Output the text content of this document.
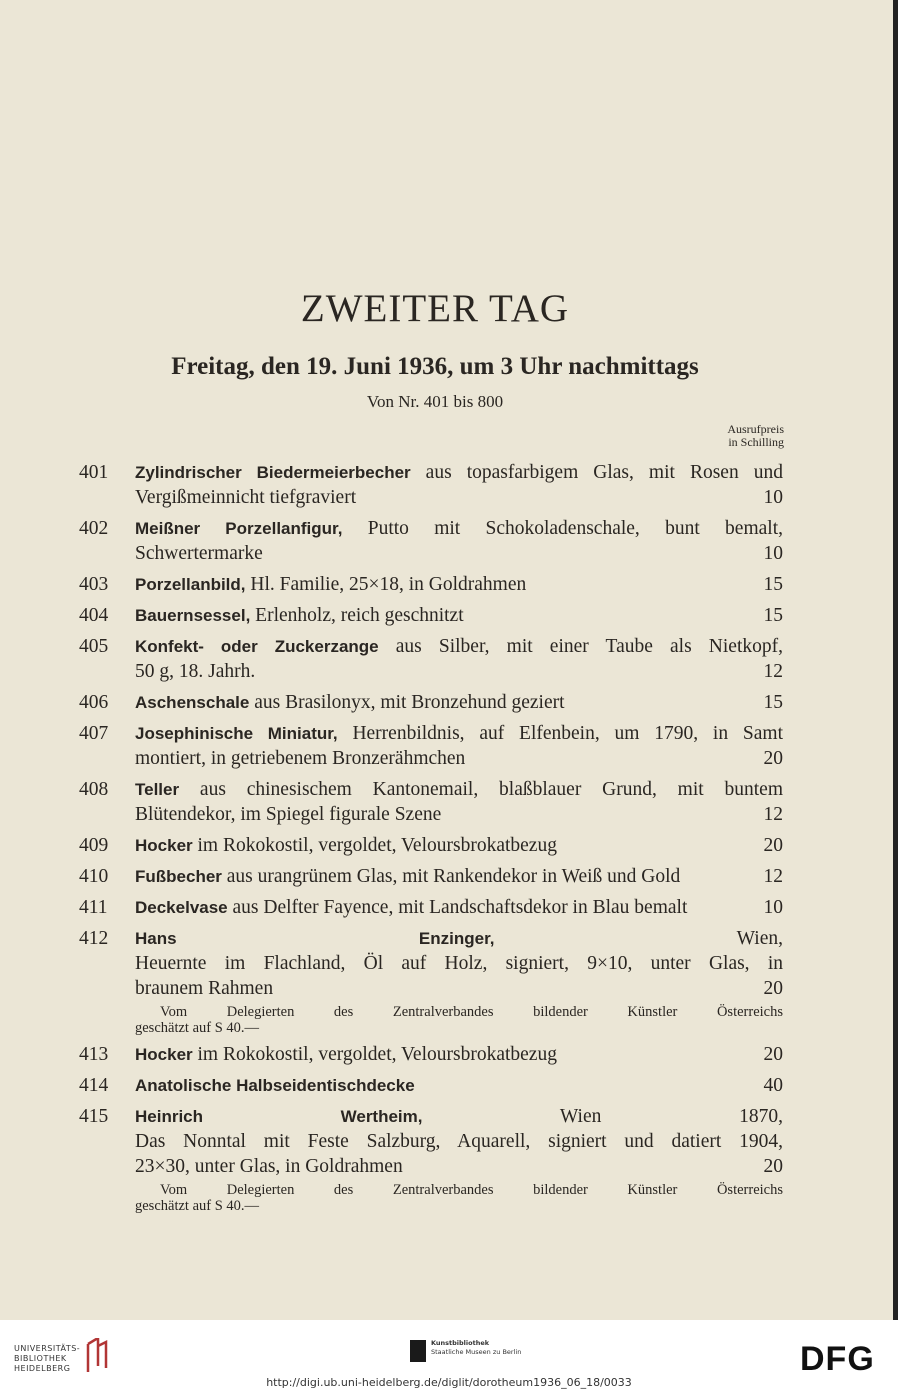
ZWEITER TAG
Freitag, den 19. Juni 1936, um 3 Uhr nachmittags
Von Nr. 401 bis 800
Ausrufpreis
in Schilling
401 Zylindrischer Biedermeierbecher aus topasfarbigem Glas, mit Rosen und
Vergißmeinnicht tiefgraviert	10
402 Meißner Porzellanfigur, Putto mit Schokoladenschale, bunt bemalt,
Schwertermarke	10
403 Porzellanbild, Hl. Familie, 25×18, in Goldrahmen	15
404 Bauernsessel, Erlenholz, reich geschnitzt	15
405 Konfekt- oder Zuckerzange aus Silber, mit einer Taube als Nietkopf,
50 g, 18. Jahrh.	12
406 Aschenschale aus Brasilonyx, mit Bronzehund geziert	15
407 Josephinische Miniatur, Herrenbildnis, auf Elfenbein, um 1790, in Samt
montiert, in getriebenem Bronzerähmchen	20
408 Teller aus chinesischem Kantonemail, blaßblauer Grund, mit buntem
Blütendekor, im Spiegel figurale Szene	12
409 Hocker im Rokokostil, vergoldet, Veloursbrokatbezug	20
410 Fußbecher aus urangrünem Glas, mit Rankendekor in Weiß und Gold	12
411 Deckelvase aus Delfter Fayence, mit Landschaftsdekor in Blau bemalt	10
412 Hans Enzinger, Wien,
Heuernte im Flachland, Öl auf Holz, signiert, 9×10, unter Glas, in
braunem Rahmen	20
Vom Delegierten des Zentralverbandes bildender Künstler Österreichs
geschätzt auf S 40.—
413 Hocker im Rokokostil, vergoldet, Veloursbrokatbezug	20
414 Anatolische Halbseidentischdecke	40
415 Heinrich Wertheim, Wien 1870,
Das Nonntal mit Feste Salzburg, Aquarell, signiert und datiert 1904,
23×30, unter Glas, in Goldrahmen	20
Vom Delegierten des Zentralverbandes bildender Künstler Österreichs
geschätzt auf S 40.—
UNIVERSITÄTS-
BIBLIOTHEK
HEIDELBERG
Kunstbibliothek
Staatliche Museen zu Berlin	DFG
http://digi.ub.uni-heidelberg.de/diglit/dorotheum1936_06_18/0033
